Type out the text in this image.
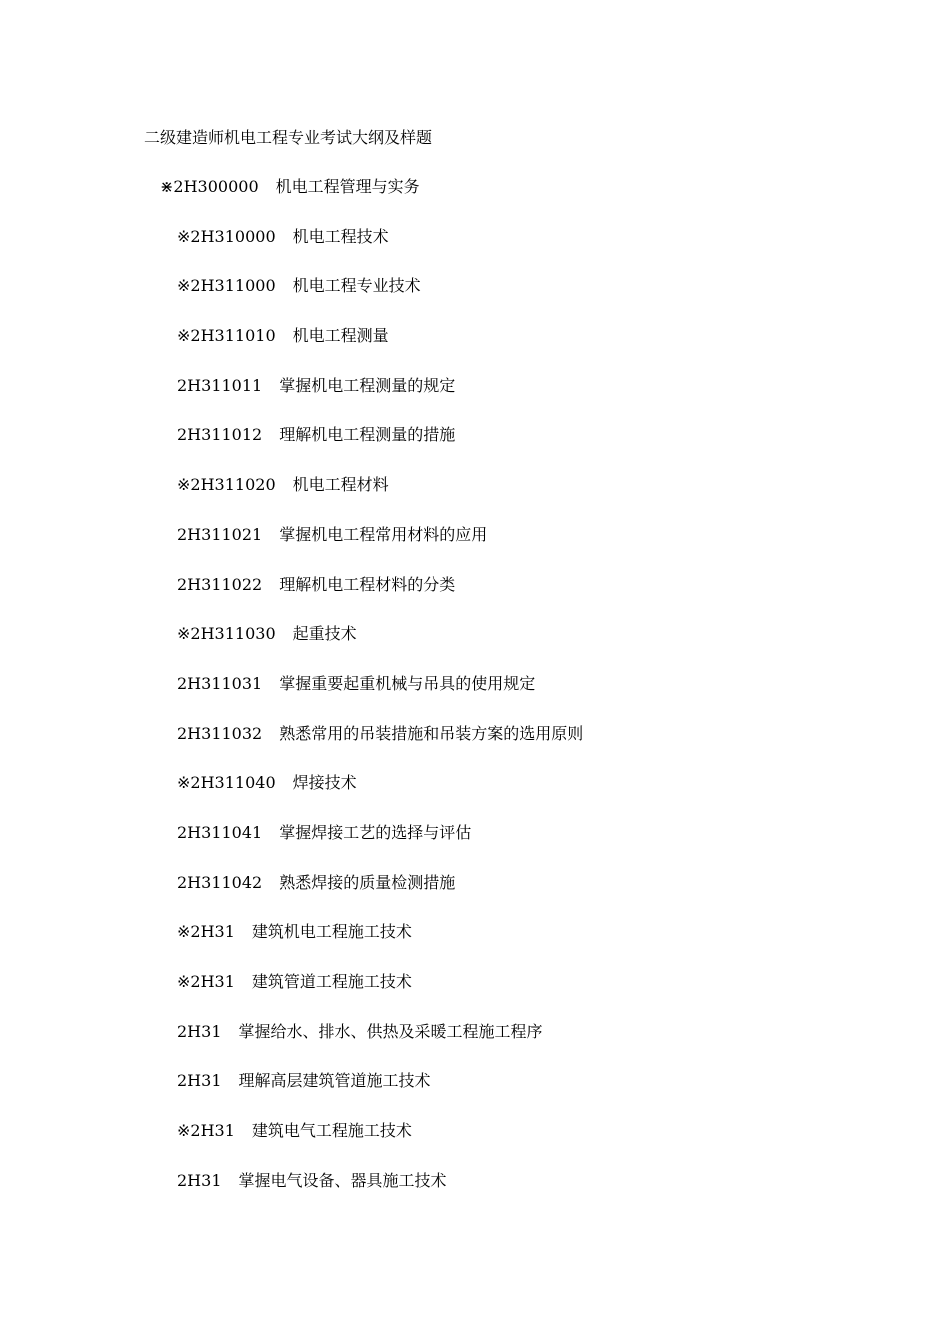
二级建造师机电工程专业考试大纲及样题
⋇2H300000 机电工程管理与实务
※2H310000 机电工程技术
※2H311000 机电工程专业技术
※2H311010 机电工程测量
2H311011 掌握机电工程测量的规定
2H311012 理解机电工程测量的措施
※2H311020 机电工程材料
2H311021 掌握机电工程常用材料的应用
2H311022 理解机电工程材料的分类
※2H311030 起重技术
2H311031 掌握重要起重机械与吊具的使用规定
2H311032 熟悉常用的吊装措施和吊装方案的选用原则
※2H311040 焊接技术
2H311041 掌握焊接工艺的选择与评估
2H311042 熟悉焊接的质量检测措施
※2H31 建筑机电工程施工技术
※2H31 建筑管道工程施工技术
2H31 掌握给水、排水、供热及采暖工程施工程序
2H31 理解高层建筑管道施工技术
※2H31 建筑电气工程施工技术
2H31 掌握电气设备、器具施工技术
